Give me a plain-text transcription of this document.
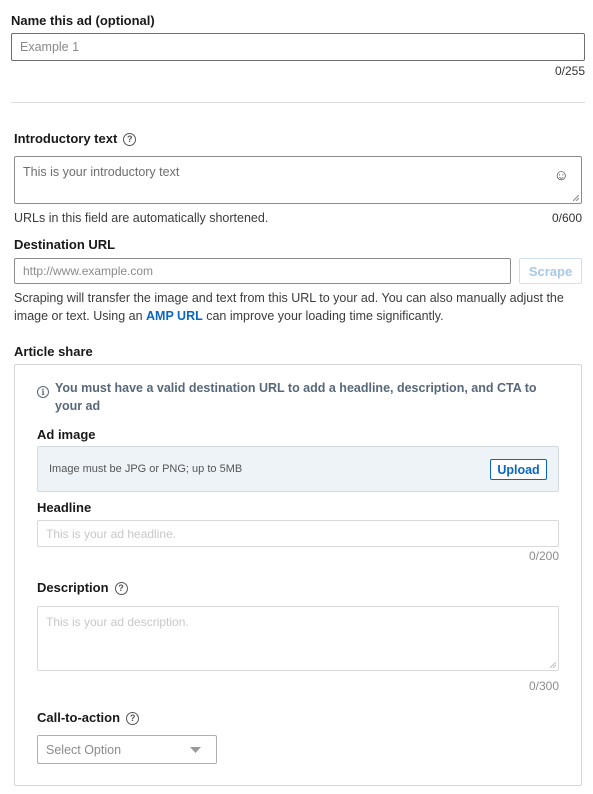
Name this ad (optional)
Example 1
0/255
Introductory text ?
This is your introductory text	☺
URLs in this field are automatically shortened.	0/600
Destination URL
http://www.example.com	Scrape
Scraping will transfer the image and text from this URL to your ad. You can also manually adjust the image or text. Using an AMP URL can improve your loading time significantly.
Article share
i You must have a valid destination URL to add a headline, description, and CTA to your ad
Ad image
Image must be JPG or PNG; up to 5MB	Upload
Headline
This is your ad headline.
0/200
Description ?
This is your ad description.
0/300
Call-to-action ?
Select Option
